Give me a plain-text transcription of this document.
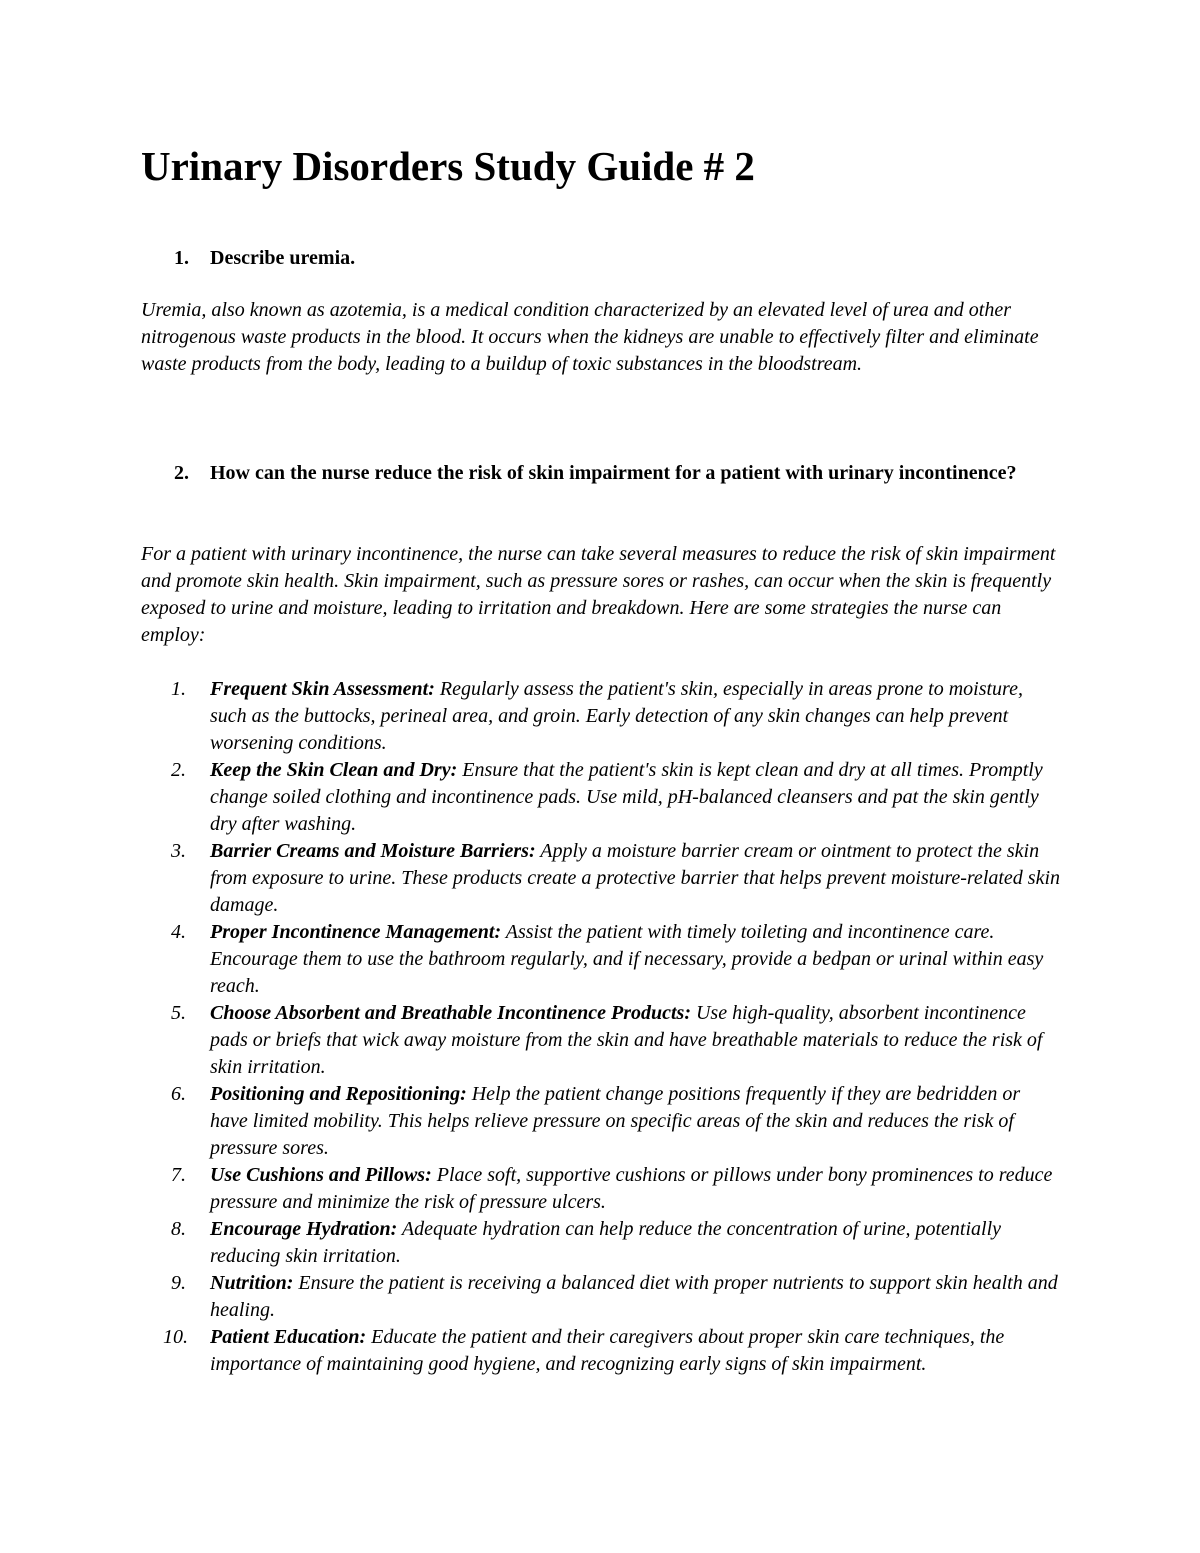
Urinary Disorders Study Guide # 2

1. Describe uremia.

Uremia, also known as azotemia, is a medical condition characterized by an elevated level of urea and other nitrogenous waste products in the blood. It occurs when the kidneys are unable to effectively filter and eliminate waste products from the body, leading to a buildup of toxic substances in the bloodstream.

2. How can the nurse reduce the risk of skin impairment for a patient with urinary incontinence?

For a patient with urinary incontinence, the nurse can take several measures to reduce the risk of skin impairment and promote skin health. Skin impairment, such as pressure sores or rashes, can occur when the skin is frequently exposed to urine and moisture, leading to irritation and breakdown. Here are some strategies the nurse can employ:

1. Frequent Skin Assessment: Regularly assess the patient's skin, especially in areas prone to moisture, such as the buttocks, perineal area, and groin. Early detection of any skin changes can help prevent worsening conditions.
2. Keep the Skin Clean and Dry: Ensure that the patient's skin is kept clean and dry at all times. Promptly change soiled clothing and incontinence pads. Use mild, pH-balanced cleansers and pat the skin gently dry after washing.
3. Barrier Creams and Moisture Barriers: Apply a moisture barrier cream or ointment to protect the skin from exposure to urine. These products create a protective barrier that helps prevent moisture-related skin damage.
4. Proper Incontinence Management: Assist the patient with timely toileting and incontinence care. Encourage them to use the bathroom regularly, and if necessary, provide a bedpan or urinal within easy reach.
5. Choose Absorbent and Breathable Incontinence Products: Use high-quality, absorbent incontinence pads or briefs that wick away moisture from the skin and have breathable materials to reduce the risk of skin irritation.
6. Positioning and Repositioning: Help the patient change positions frequently if they are bedridden or have limited mobility. This helps relieve pressure on specific areas of the skin and reduces the risk of pressure sores.
7. Use Cushions and Pillows: Place soft, supportive cushions or pillows under bony prominences to reduce pressure and minimize the risk of pressure ulcers.
8. Encourage Hydration: Adequate hydration can help reduce the concentration of urine, potentially reducing skin irritation.
9. Nutrition: Ensure the patient is receiving a balanced diet with proper nutrients to support skin health and healing.
10. Patient Education: Educate the patient and their caregivers about proper skin care techniques, the importance of maintaining good hygiene, and recognizing early signs of skin impairment.
